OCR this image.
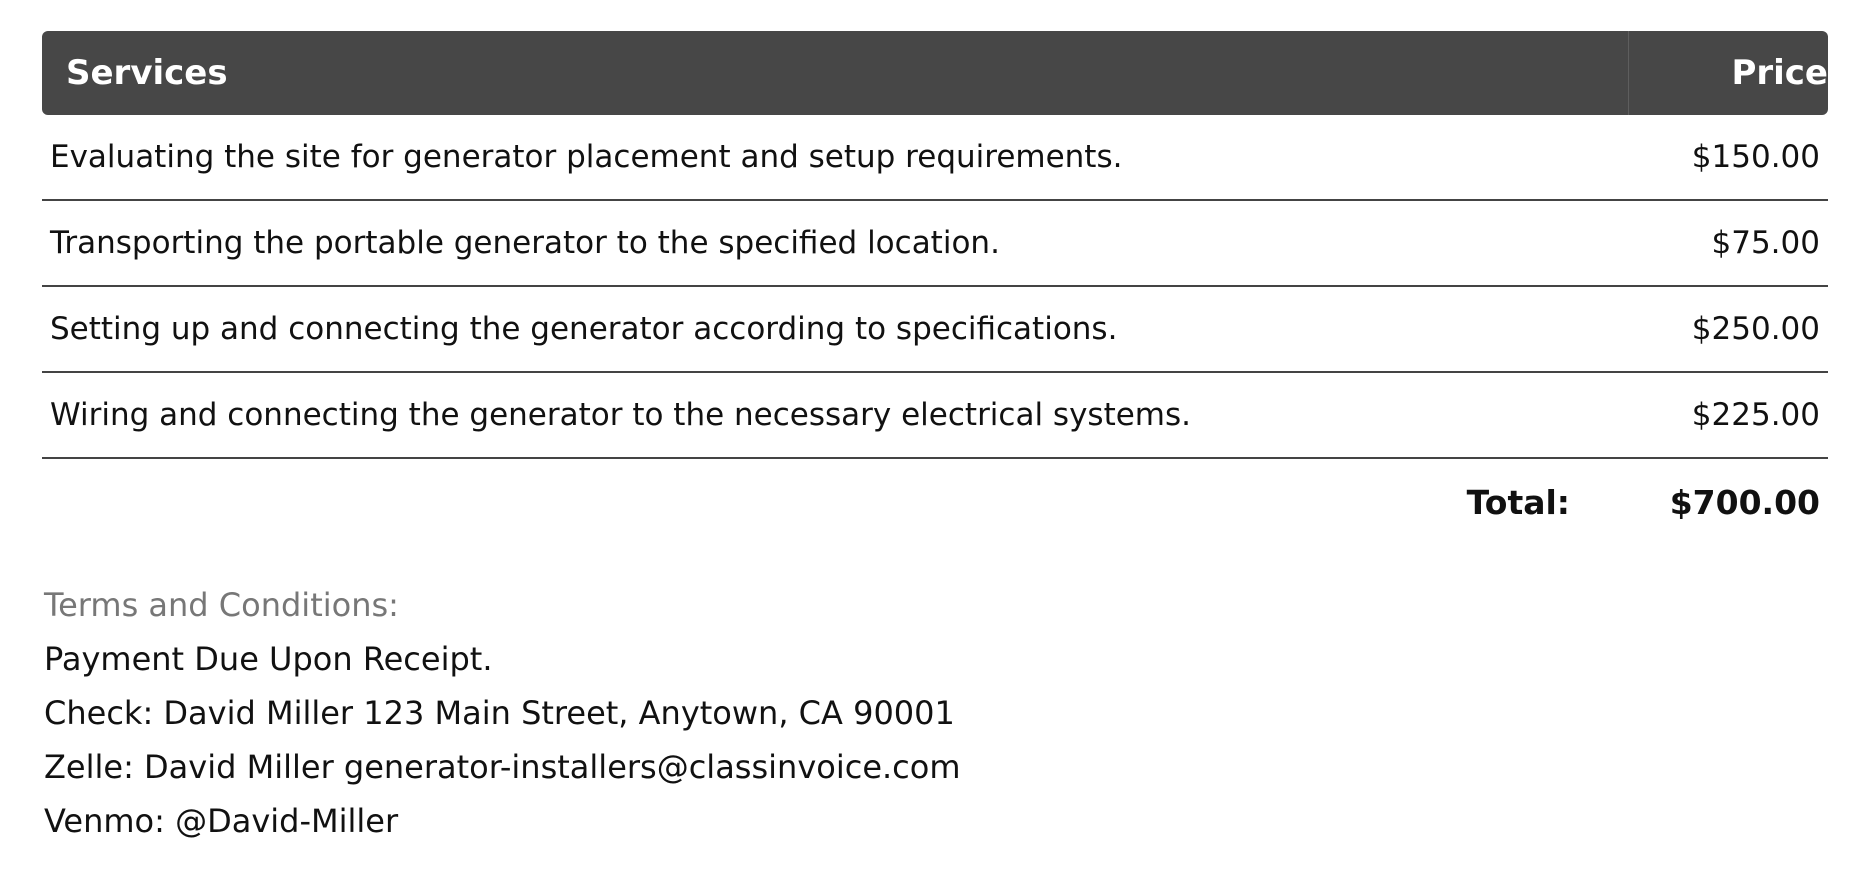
Services	Price
Evaluating the site for generator placement and setup requirements.	$150.00
Transporting the portable generator to the specified location.	$75.00
Setting up and connecting the generator according to specifications.	$250.00
Wiring and connecting the generator to the necessary electrical systems.	$225.00
Total:	$700.00
Terms and Conditions:
Payment Due Upon Receipt.
Check: David Miller 123 Main Street, Anytown, CA 90001
Zelle: David Miller generator-installers@classinvoice.com
Venmo: @David-Miller
